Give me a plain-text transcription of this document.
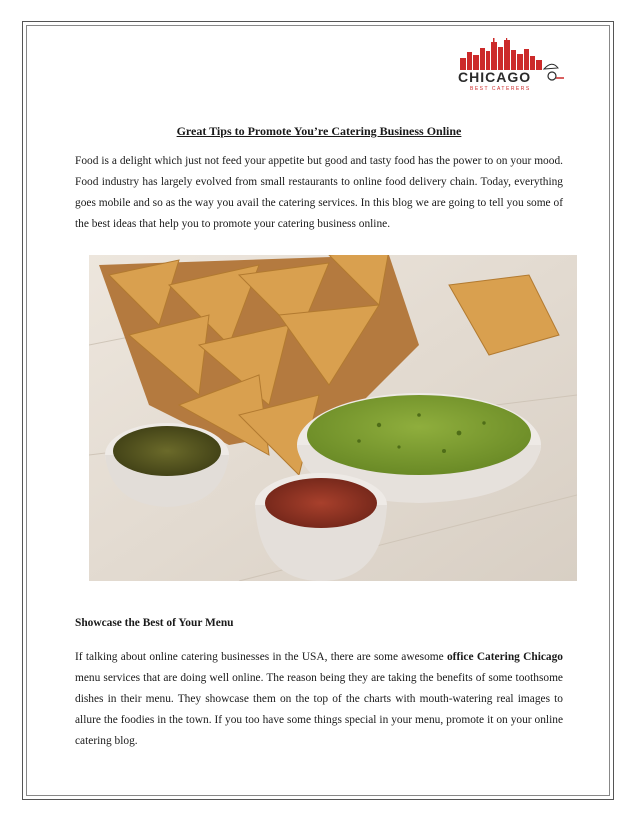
CHICAGO
BEST CATERERS
Great Tips to Promote You’re Catering Business Online

Food is a delight which just not feed your appetite but good and tasty food has the power to on your mood. Food industry has largely evolved from small restaurants to online food delivery chain. Today, everything goes mobile and so as the way you avail the catering services. In this blog we are going to tell you some of the best ideas that help you to promote your catering business online.

Showcase the Best of Your Menu

If talking about online catering businesses in the USA, there are some awesome office Catering Chicago menu services that are doing well online. The reason being they are taking the benefits of some toothsome dishes in their menu. They showcase them on the top of the charts with mouth-watering real images to allure the foodies in the town. If you too have some things special in your menu, promote it on your online catering blog.
